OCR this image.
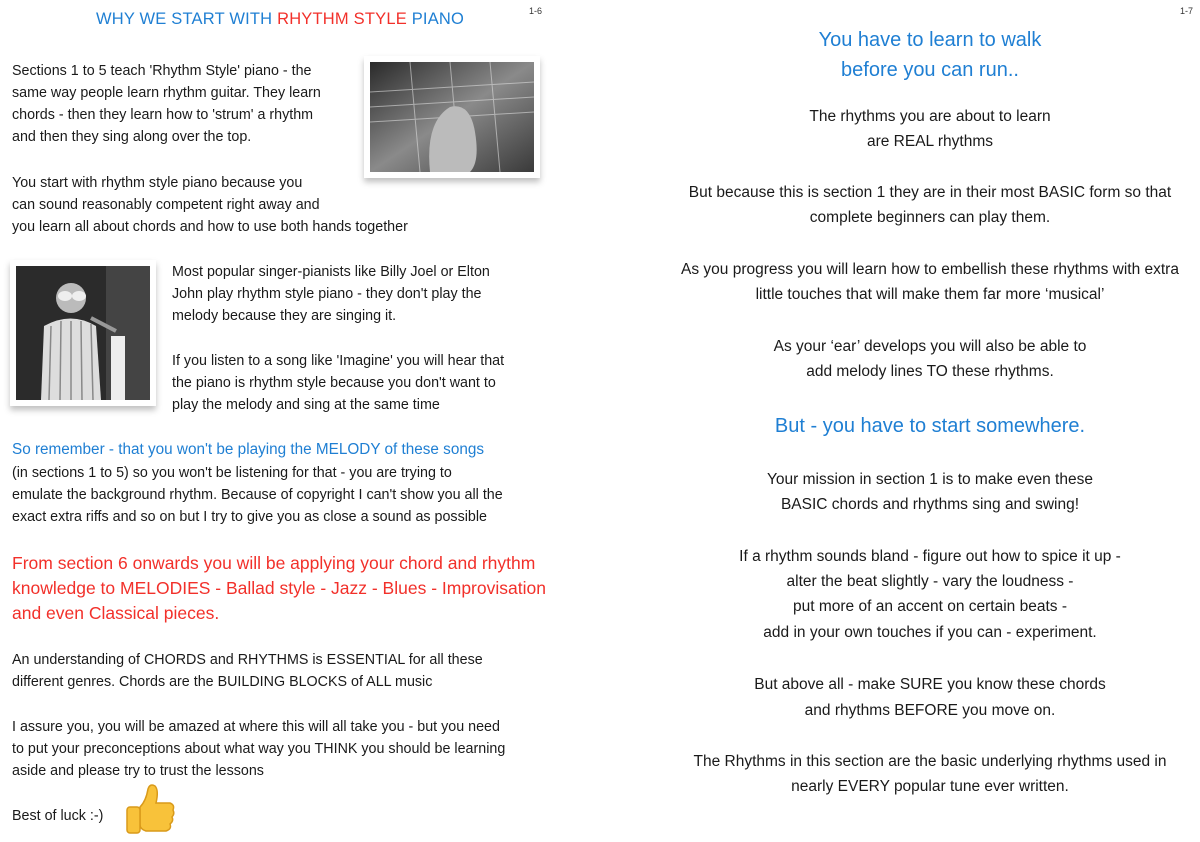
WHY WE START WITH RHYTHM STYLE PIANO	1-6
Sections 1 to 5 teach 'Rhythm Style' piano - the
same way people learn rhythm guitar. They learn
chords - then they learn how to 'strum' a rhythm
and then they sing along over the top.
You start with rhythm style piano because you
can sound reasonably competent right away and
you learn all about chords and how to use both hands together
Most popular singer-pianists like Billy Joel or Elton
John play rhythm style piano - they don't play the
melody because they are singing it.
If you listen to a song like 'Imagine' you will hear that
the piano is rhythm style because you don't want to
play the melody and sing at the same time
So remember - that you won't be playing the MELODY of these songs
(in sections 1 to 5) so you won't be listening for that - you are trying to
emulate the background rhythm. Because of copyright I can't show you all the
exact extra riffs and so on but I try to give you as close a sound as possible
From section 6 onwards you will be applying your chord and rhythm
knowledge to MELODIES - Ballad style - Jazz - Blues - Improvisation
and even Classical pieces.
An understanding of CHORDS and RHYTHMS is ESSENTIAL for all these
different genres. Chords are the BUILDING BLOCKS of ALL music
I assure you, you will be amazed at where this will all take you - but you need
to put your preconceptions about what way you THINK you should be learning
aside and please try to trust the lessons
Best of luck :-)
1-7
You have to learn to walk
before you can run..
The rhythms you are about to learn
are REAL rhythms
But because this is section 1 they are in their most BASIC form so that
complete beginners can play them.
As you progress you will learn how to embellish these rhythms with extra
little touches that will make them far more ‘musical’
As your ‘ear’ develops you will also be able to
add melody lines TO these rhythms.
But - you have to start somewhere.
Your mission in section 1 is to make even these
BASIC chords and rhythms sing and swing!
If a rhythm sounds bland - figure out how to spice it up -
alter the beat slightly - vary the loudness -
put more of an accent on certain beats -
add in your own touches if you can - experiment.
But above all - make SURE you know these chords
and rhythms BEFORE you move on.
The Rhythms in this section are the basic underlying rhythms used in
nearly EVERY popular tune ever written.
